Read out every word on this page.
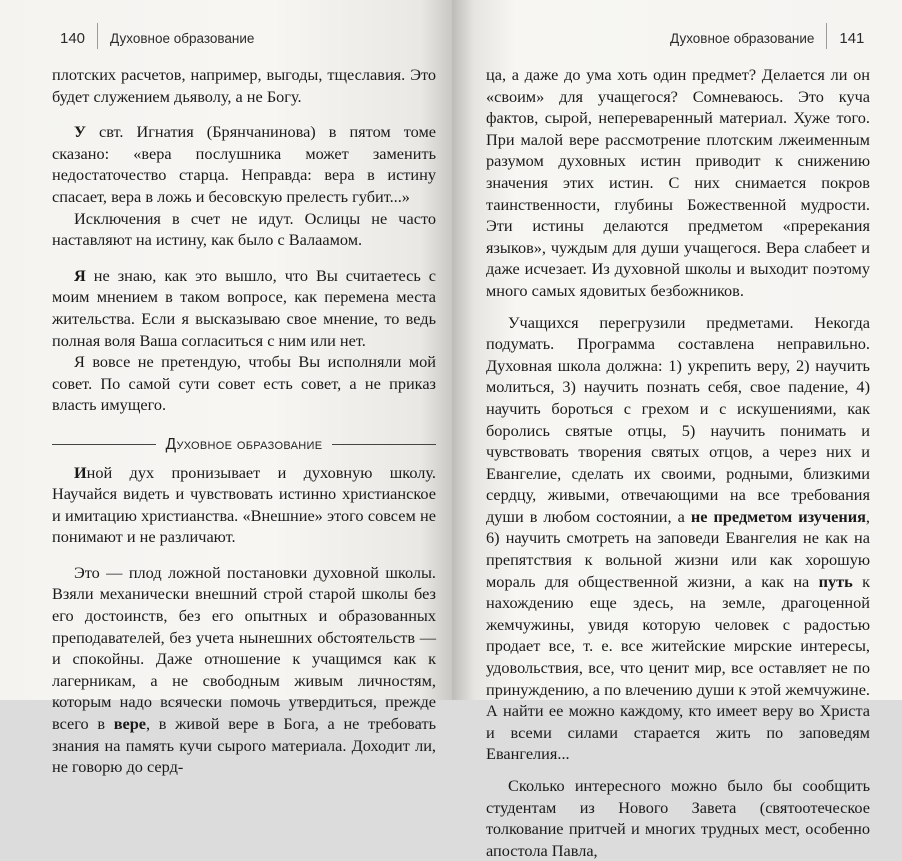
140 Духовное образование

плотских расчетов, например, выгоды, тщеславия. Это будет служением дьяволу, а не Богу.

У свт. Игнатия (Брянчанинова) в пятом томе сказано: «вера послушника может заменить недостаточество старца. Неправда: вера в истину спасает, вера в ложь и бесовскую прелесть губит...»

Исключения в счет не идут. Ослицы не часто наставляют на истину, как было с Валаамом.

Я не знаю, как это вышло, что Вы считаетесь с моим мнением в таком вопросе, как перемена места жительства. Если я высказываю свое мнение, то ведь полная воля Ваша согласиться с ним или нет.

Я вовсе не претендую, чтобы Вы исполняли мой совет. По самой сути совет есть совет, а не приказ власть имущего.

Духовное образование

Иной дух пронизывает и духовную школу. Научайся видеть и чувствовать истинно христианское и имитацию христианства. «Внешние» этого совсем не понимают и не различают.

Это — плод ложной постановки духовной школы. Взяли механически внешний строй старой школы без его достоинств, без его опытных и образованных преподавателей, без учета нынешних обстоятельств — и спокойны. Даже отношение к учащимся как к лагерникам, а не свободным живым личностям, которым надо всячески помочь утвердиться, прежде всего в вере, в живой вере в Бога, а не требовать знания на память кучи сырого материала. Доходит ли, не говорю до серд-

Духовное образование 141

ца, а даже до ума хоть один предмет? Делается ли он «своим» для учащегося? Сомневаюсь. Это куча фактов, сырой, непереваренный материал. Хуже того. При малой вере рассмотрение плотским лжеименным разумом духовных истин приводит к снижению значения этих истин. С них снимается покров таинственности, глубины Божественной мудрости. Эти истины делаются предметом «пререкания языков», чуждым для души учащегося. Вера слабеет и даже исчезает. Из духовной школы и выходит поэтому много самых ядовитых безбожников.

Учащихся перегрузили предметами. Некогда подумать. Программа составлена неправильно. Духовная школа должна: 1) укрепить веру, 2) научить молиться, 3) научить познать себя, свое падение, 4) научить бороться с грехом и с искушениями, как боролись святые отцы, 5) научить понимать и чувствовать творения святых отцов, а через них и Евангелие, сделать их своими, родными, близкими сердцу, живыми, отвечающими на все требования души в любом состоянии, а не предметом изучения, 6) научить смотреть на заповеди Евангелия не как на препятствия к вольной жизни или как хорошую мораль для общественной жизни, а как на путь к нахождению еще здесь, на земле, драгоценной жемчужины, увидя которую человек с радостью продает все, т. е. все житейские мирские интересы, удовольствия, все, что ценит мир, все оставляет не по принуждению, а по влечению души к этой жемчужине. А найти ее можно каждому, кто имеет веру во Христа и всеми силами старается жить по заповедям Евангелия...

Сколько интересного можно было бы сообщить студентам из Нового Завета (святоотеческое толкование притчей и многих трудных мест, особенно апостола Павла,
